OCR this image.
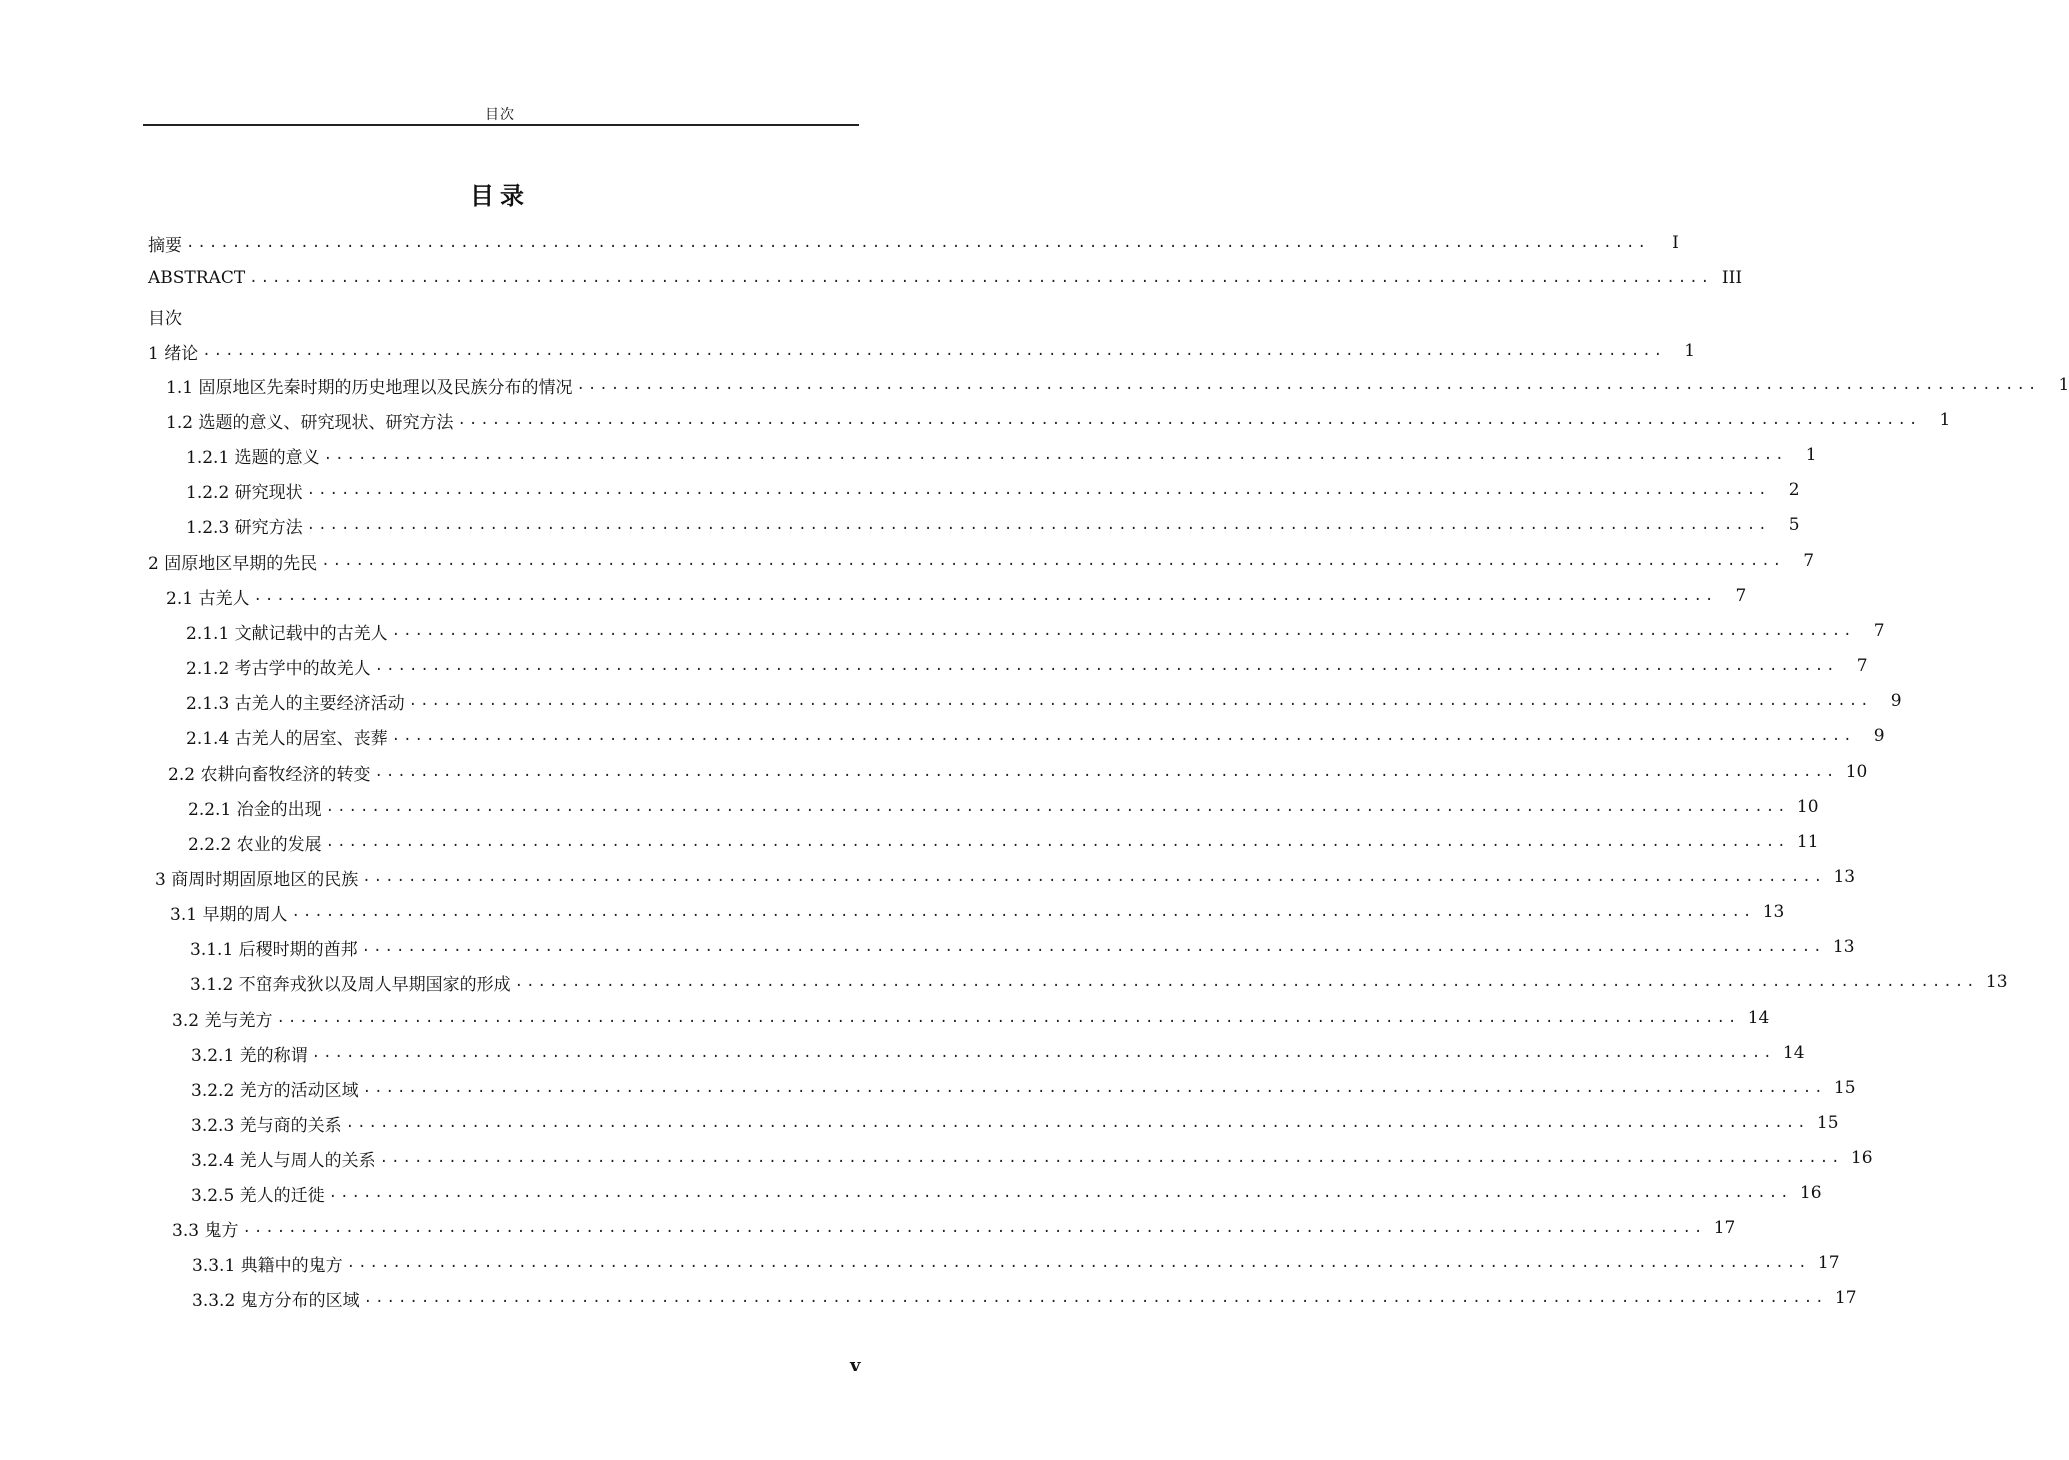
目次
目录
摘要 ................................................................................................................................	I
ABSTRACT ................................................................................................................................ III
目次
1 绪论 ................................................................................................................................	1
1.1 固原地区先秦时期的历史地理以及民族分布的情况 ................................................................................................................................	1
1.2 选题的意义、研究现状、研究方法 ................................................................................................................................	1
1.2.1 选题的意义 ................................................................................................................................	1
1.2.2 研究现状 ................................................................................................................................	2
1.2.3 研究方法 ................................................................................................................................	5
2 固原地区早期的先民 ................................................................................................................................	7
2.1 古羌人 ................................................................................................................................	7
2.1.1 文献记载中的古羌人 ................................................................................................................................	7
2.1.2 考古学中的故羌人 ................................................................................................................................	7
2.1.3 古羌人的主要经济活动 ................................................................................................................................	9
2.1.4 古羌人的居室、丧葬 ................................................................................................................................	9
2.2 农耕向畜牧经济的转变 ................................................................................................................................ 10
2.2.1 冶金的出现 ................................................................................................................................ 10
2.2.2 农业的发展 ................................................................................................................................ 11
3 商周时期固原地区的民族 ................................................................................................................................ 13
3.1 早期的周人 ................................................................................................................................ 13
3.1.1 后稷时期的酋邦 ................................................................................................................................ 13
3.1.2 不窋奔戎狄以及周人早期国家的形成 ................................................................................................................................ 13
3.2 羌与羌方 ................................................................................................................................ 14
3.2.1 羌的称谓 ................................................................................................................................ 14
3.2.2 羌方的活动区域 ................................................................................................................................ 15
3.2.3 羌与商的关系 ................................................................................................................................ 15
3.2.4 羌人与周人的关系 ................................................................................................................................ 16
3.2.5 羌人的迁徙 ................................................................................................................................ 16
3.3 鬼方 ................................................................................................................................ 17
3.3.1 典籍中的鬼方 ................................................................................................................................ 17
3.3.2 鬼方分布的区域 ................................................................................................................................ 17
v
